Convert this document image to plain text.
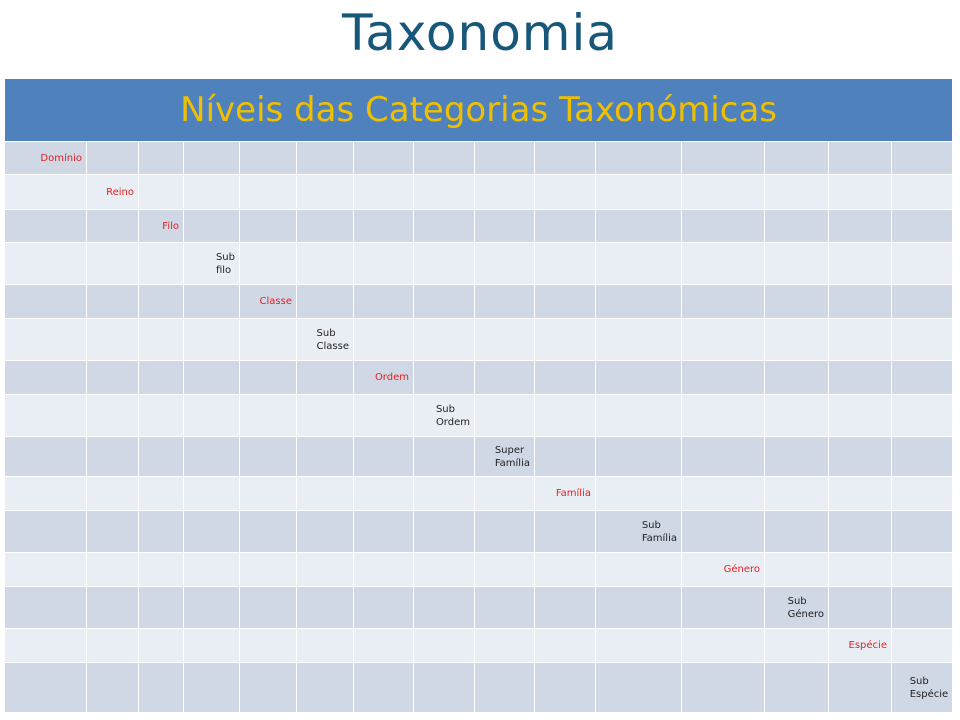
Taxonomia
Níveis das Categorias Taxonómicas														
Domínio														
	Reino													
		Filo												
			Sub
filo											
				Classe										
					Sub
Classe									
						Ordem								
							Sub
Ordem							
								Super
Família						
									Família					
										Sub
Família				
											Género			
												Sub
Género		
													Espécie	
														Sub
Espécie
